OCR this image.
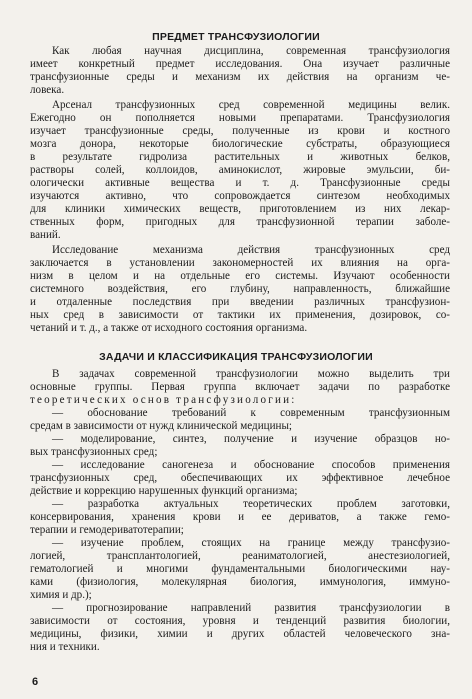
ПРЕДМЕТ ТРАНСФУЗИОЛОГИИ
Как любая научная дисциплина, современная трансфузиология
имеет конкретный предмет исследования. Она изучает различные
трансфузионные среды и механизм их действия на организм че-
ловека.
Арсенал трансфузионных сред современной медицины велик.
Ежегодно он пополняется новыми препаратами. Трансфузиология
изучает трансфузионные среды, полученные из крови и костного
мозга донора, некоторые биологические субстраты, образующиеся
в результате гидролиза растительных и животных белков,
растворы солей, коллоидов, аминокислот, жировые эмульсии, би-
ологически активные вещества и т. д. Трансфузионные среды
изучаются активно, что сопровождается синтезом необходимых
для клиники химических веществ, приготовлением из них лекар-
ственных форм, пригодных для трансфузионной терапии заболе-
ваний.
Исследование механизма действия трансфузионных сред
заключается в установлении закономерностей их влияния на орга-
низм в целом и на отдельные его системы. Изучают особенности
системного воздействия, его глубину, направленность, ближайшие
и отдаленные последствия при введении различных трансфузион-
ных сред в зависимости от тактики их применения, дозировок, со-
четаний и т. д., а также от исходного состояния организма.
ЗАДАЧИ И КЛАССИФИКАЦИЯ ТРАНСФУЗИОЛОГИИ
В задачах современной трансфузиологии можно выделить три
основные группы. Первая группа включает задачи по разработке
теоретических основ трансфузиологии:
— обоснование требований к современным трансфузионным
средам в зависимости от нужд клинической медицины;
— моделирование, синтез, получение и изучение образцов но-
вых трансфузионных сред;
— исследование саногенеза и обоснование способов применения
трансфузионных сред, обеспечивающих их эффективное лечебное
действие и коррекцию нарушенных функций организма;
— разработка актуальных теоретических проблем заготовки,
консервирования, хранения крови и ее дериватов, а также гемо-
терапии и гемодериватотерапии;
— изучение проблем, стоящих на границе между трансфузио-
логией, трансплантологией, реаниматологией, анестезиологией,
гематологией и многими фундаментальными биологическими нау-
ками (физиология, молекулярная биология, иммунология, иммуно-
химия и др.);
— прогнозирование направлений развития трансфузиологии в
зависимости от состояния, уровня и тенденций развития биологии,
медицины, физики, химии и других областей человеческого зна-
ния и техники.
6
